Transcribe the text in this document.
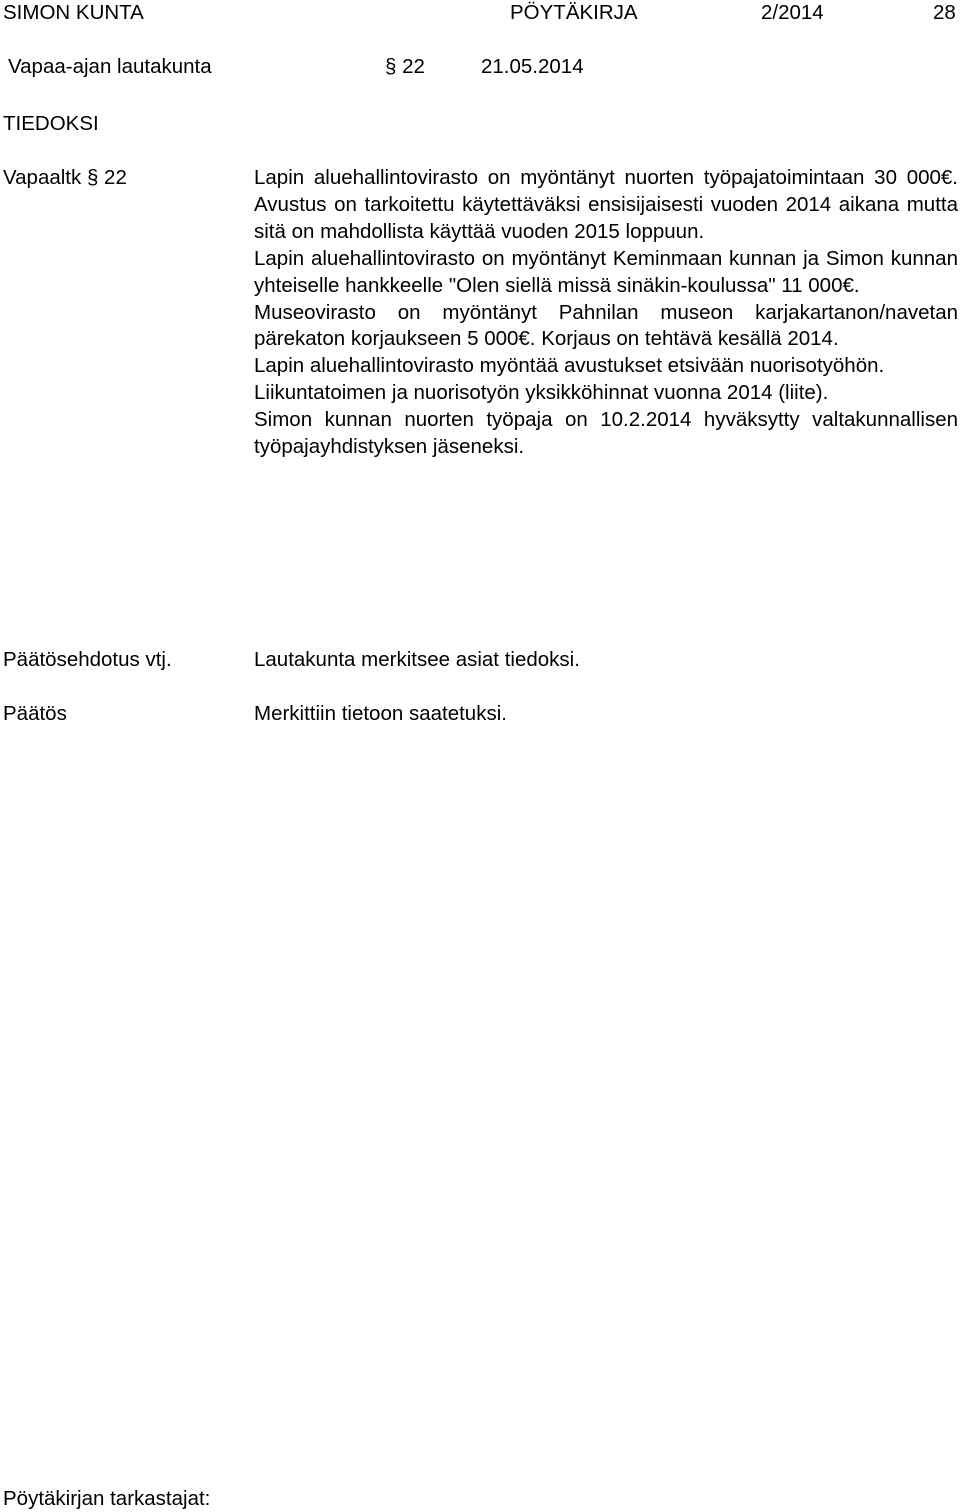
SIMON KUNTA	PÖYTÄKIRJA	2/2014	28
Vapaa-ajan lautakunta	§ 22	21.05.2014
TIEDOKSI
Vapaaltk § 22	Lapin aluehallintovirasto on myöntänyt nuorten työpajatoimintaan 30 000€. Avustus on tarkoitettu käytettäväksi ensisijaisesti vuoden 2014 aikana mutta sitä on mahdollista käyttää vuoden 2015 loppuun.
Lapin aluehallintovirasto on myöntänyt Keminmaan kunnan ja Simon kunnan yhteiselle hankkeelle "Olen siellä missä sinäkin-koulussa" 11 000€.
Museovirasto on myöntänyt Pahnilan museon karjakartanon/navetan pärekaton korjaukseen 5 000€. Korjaus on tehtävä kesällä 2014.
Lapin aluehallintovirasto myöntää avustukset etsivään nuorisotyöhön.
Liikuntatoimen ja nuorisotyön yksikköhinnat vuonna 2014 (liite).
Simon kunnan nuorten työpaja on 10.2.2014 hyväksytty valtakunnallisen työpajayhdistyksen jäseneksi.
Päätösehdotus vtj.	Lautakunta merkitsee asiat tiedoksi.
Päätös	Merkittiin tietoon saatetuksi.
Pöytäkirjan tarkastajat:
